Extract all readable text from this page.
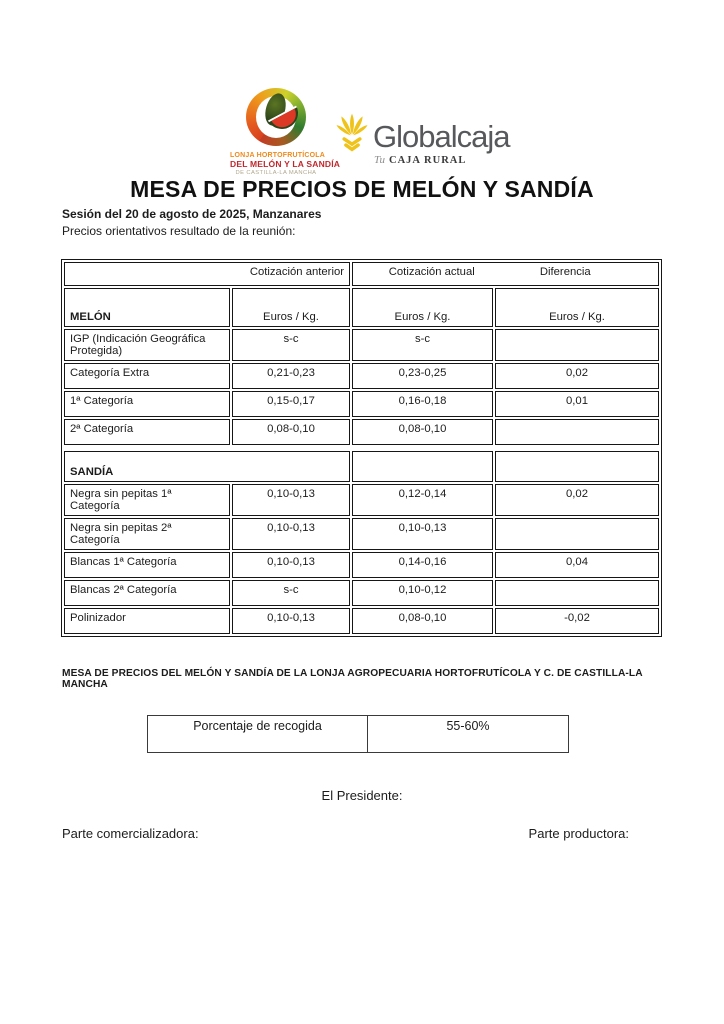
LONJA HORTOFRUTÍCOLA
DEL MELÓN Y LA SANDÍA
DE CASTILLA-LA MANCHA
Globalcaja
Tu CAJA RURAL
MESA DE PRECIOS DE MELÓN Y SANDÍA
Sesión del 20 de agosto de 2025, Manzanares
Precios orientativos resultado de la reunión:
Cotización anterior		Cotización actual Diferencia	

MELÓN	Euros / Kg.	Euros / Kg.	Euros / Kg.
IGP (Indicación Geográfica Protegida)	s-c	s-c	
Categoría Extra	0,21-0,23	0,23-0,25	0,02
1ª Categoría	0,15-0,17	0,16-0,18	0,01
2ª Categoría	0,08-0,10	0,08-0,10	

SANDÍA			
Negra sin pepitas 1ª Categoría	0,10-0,13	0,12-0,14	0,02
Negra sin pepitas 2ª Categoría	0,10-0,13	0,10-0,13	
Blancas 1ª Categoría	0,10-0,13	0,14-0,16	0,04
Blancas 2ª Categoría	s-c	0,10-0,12	
Polinizador	0,10-0,13	0,08-0,10	-0,02
MESA DE PRECIOS DEL MELÓN Y SANDÍA DE LA LONJA AGROPECUARIA HORTOFRUTÍCOLA Y C. DE CASTILLA-LA MANCHA
Porcentaje de recogida	55-60%
El Presidente:
Parte comercializadora:	Parte productora:
